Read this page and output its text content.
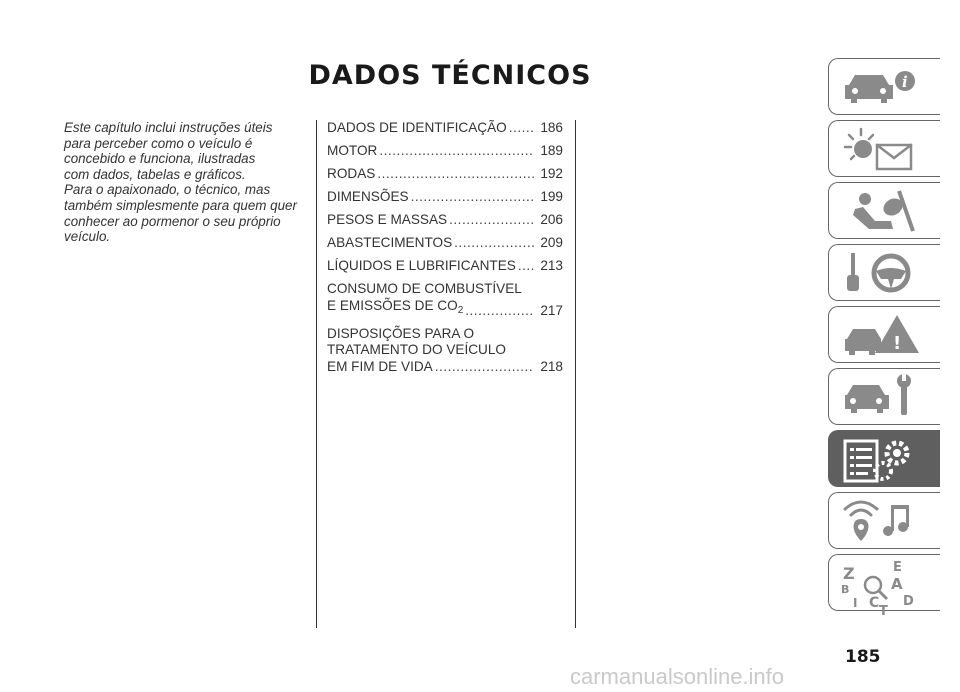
DADOS TÉCNICOS

Este capítulo inclui instruções úteis
para perceber como o veículo é
concebido e funciona, ilustradas
com dados, tabelas e gráficos.
Para o apaixonado, o técnico, mas
também simplesmente para quem quer
conhecer ao pormenor o seu próprio
veículo.

DADOS DE IDENTIFICAÇÃO ..... 186
MOTOR .....	189
RODAS .....	192
DIMENSÕES .....	199
PESOS E MASSAS .....	206
ABASTECIMENTOS .....	209
LÍQUIDOS E LUBRIFICANTES ..... 213
CONSUMO DE COMBUSTÍVEL
E EMISSÕES DE $CO_2$ .....	217
DISPOSIÇÕES PARA O
TRATAMENTO DO VEÍCULO
EM FIM DE VIDA .....	218
i
!
Z	E
B	A
I C
T
D
185
carmanualsonline.info
